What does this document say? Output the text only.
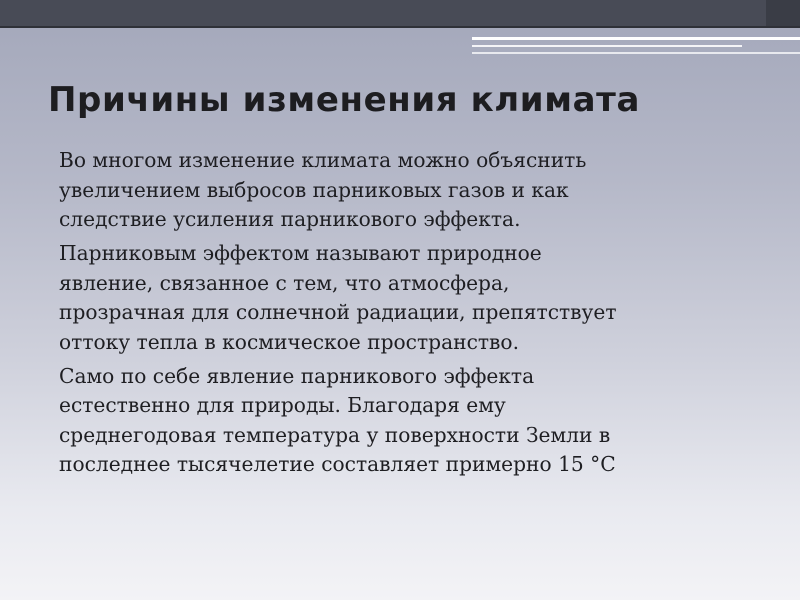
Причины изменения климата

Во многом изменение климата можно объяснить
увеличением выбросов парниковых газов и как
следствие усиления парникового эффекта.

Парниковым эффектом называют природное
явление, связанное с тем, что атмосфера,
прозрачная для солнечной радиации, препятствует
оттоку тепла в космическое пространство.

Само по себе явление парникового эффекта
естественно для природы. Благодаря ему
среднегодовая температура у поверхности Земли в
последнее тысячелетие составляет примерно 15 °С
